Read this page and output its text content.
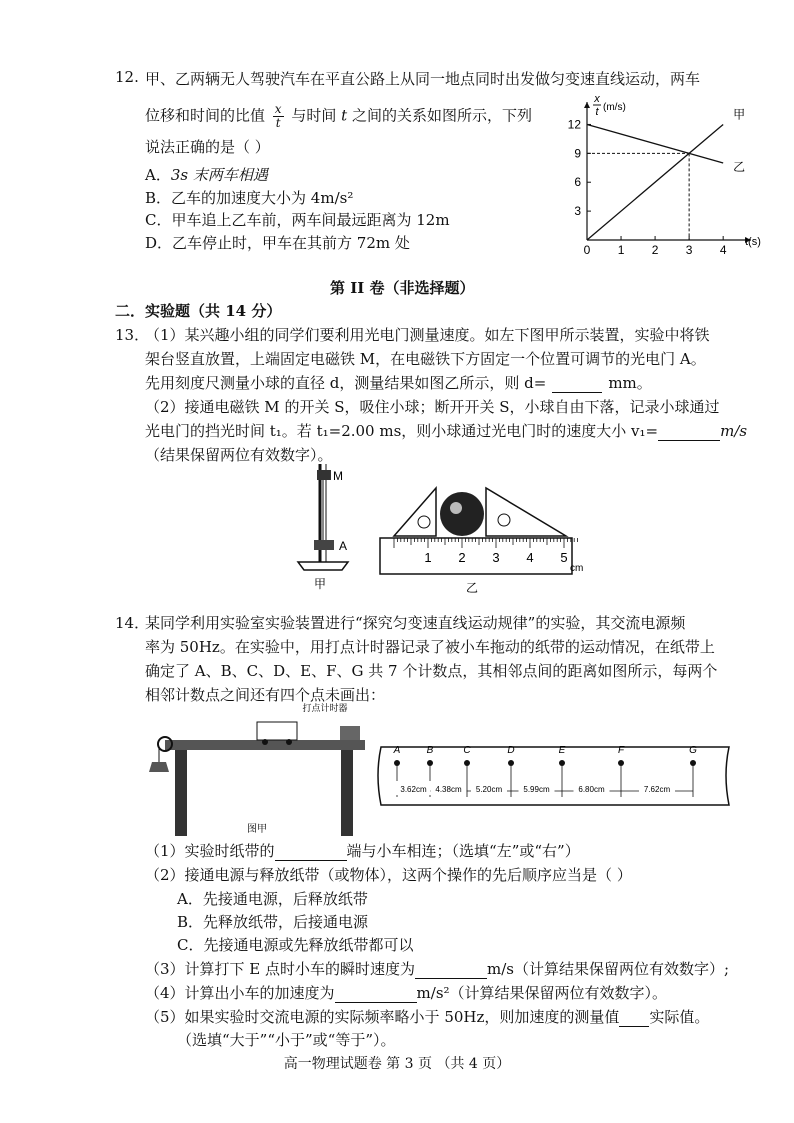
12. 甲、乙两辆无人驾驶汽车在平直公路上从同一地点同时出发做匀变速直线运动，两车
位移和时间的比值 $\frac{x}{t}$ 与时间 t 之间的关系如图所示，下列
说法正确的是（ ）
A．3s 末两车相遇
B．乙车的加速度大小为 4m/s²
C．甲车追上乙车前，两车间最远距离为 12m
D．乙车停止时，甲车在其前方 72m 处	0 1 2 3 4
3
6
9
12
x
t (m/s)
t(s)
甲
乙
第 II 卷（非选择题）
二．实验题（共 14 分）
13．
（1）某兴趣小组的同学们要利用光电门测量速度。如左下图甲所示装置，实验中将铁
架台竖直放置，上端固定电磁铁 M，在电磁铁下方固定一个位置可调节的光电门 A。
先用刻度尺测量小球的直径 d，测量结果如图乙所示，则 d=	mm。
（2）接通电磁铁 M 的开关 S，吸住小球；断开开关 S，小球自由下落，记录小球通过
光电门的挡光时间 t₁。若 t₁=2.00 ms，则小球通过光电门时的速度大小 v₁=	m/s
（结果保留两位有效数字）。
M
A
甲
1 2 3 4 5
cm
乙
14．
某同学利用实验室实验装置进行“探究匀变速直线运动规律”的实验，其交流电源频
率为 50Hz。在实验中，用打点计时器记录了被小车拖动的纸带的运动情况，在纸带上
确定了 A、B、C、D、E、F、G 共 7 个计数点，其相邻点间的距离如图所示，每两个
相邻计数点之间还有四个点未画出：
打点计时器
图甲
A	B	C	D	E	F	G
3.62cm 4.38cm 5.20cm	5.99cm	6.80cm	7.62cm
（1）实验时纸带的	端与小车相连；（选填“左”或“右”）
（2）接通电源与释放纸带（或物体），这两个操作的先后顺序应当是（ ）
A．先接通电源，后释放纸带
B．先释放纸带，后接通电源
C．先接通电源或先释放纸带都可以
（3）计算打下 E 点时小车的瞬时速度为	m/s（计算结果保留两位有效数字）;
（4）计算出小车的加速度为	m/s²（计算结果保留两位有效数字）。
（5）如果实验时交流电源的实际频率略小于 50Hz，则加速度的测量值 实际值。
（选填“大于”“小于”或“等于”）。
高一物理试题卷 第 3 页 （共 4 页）
